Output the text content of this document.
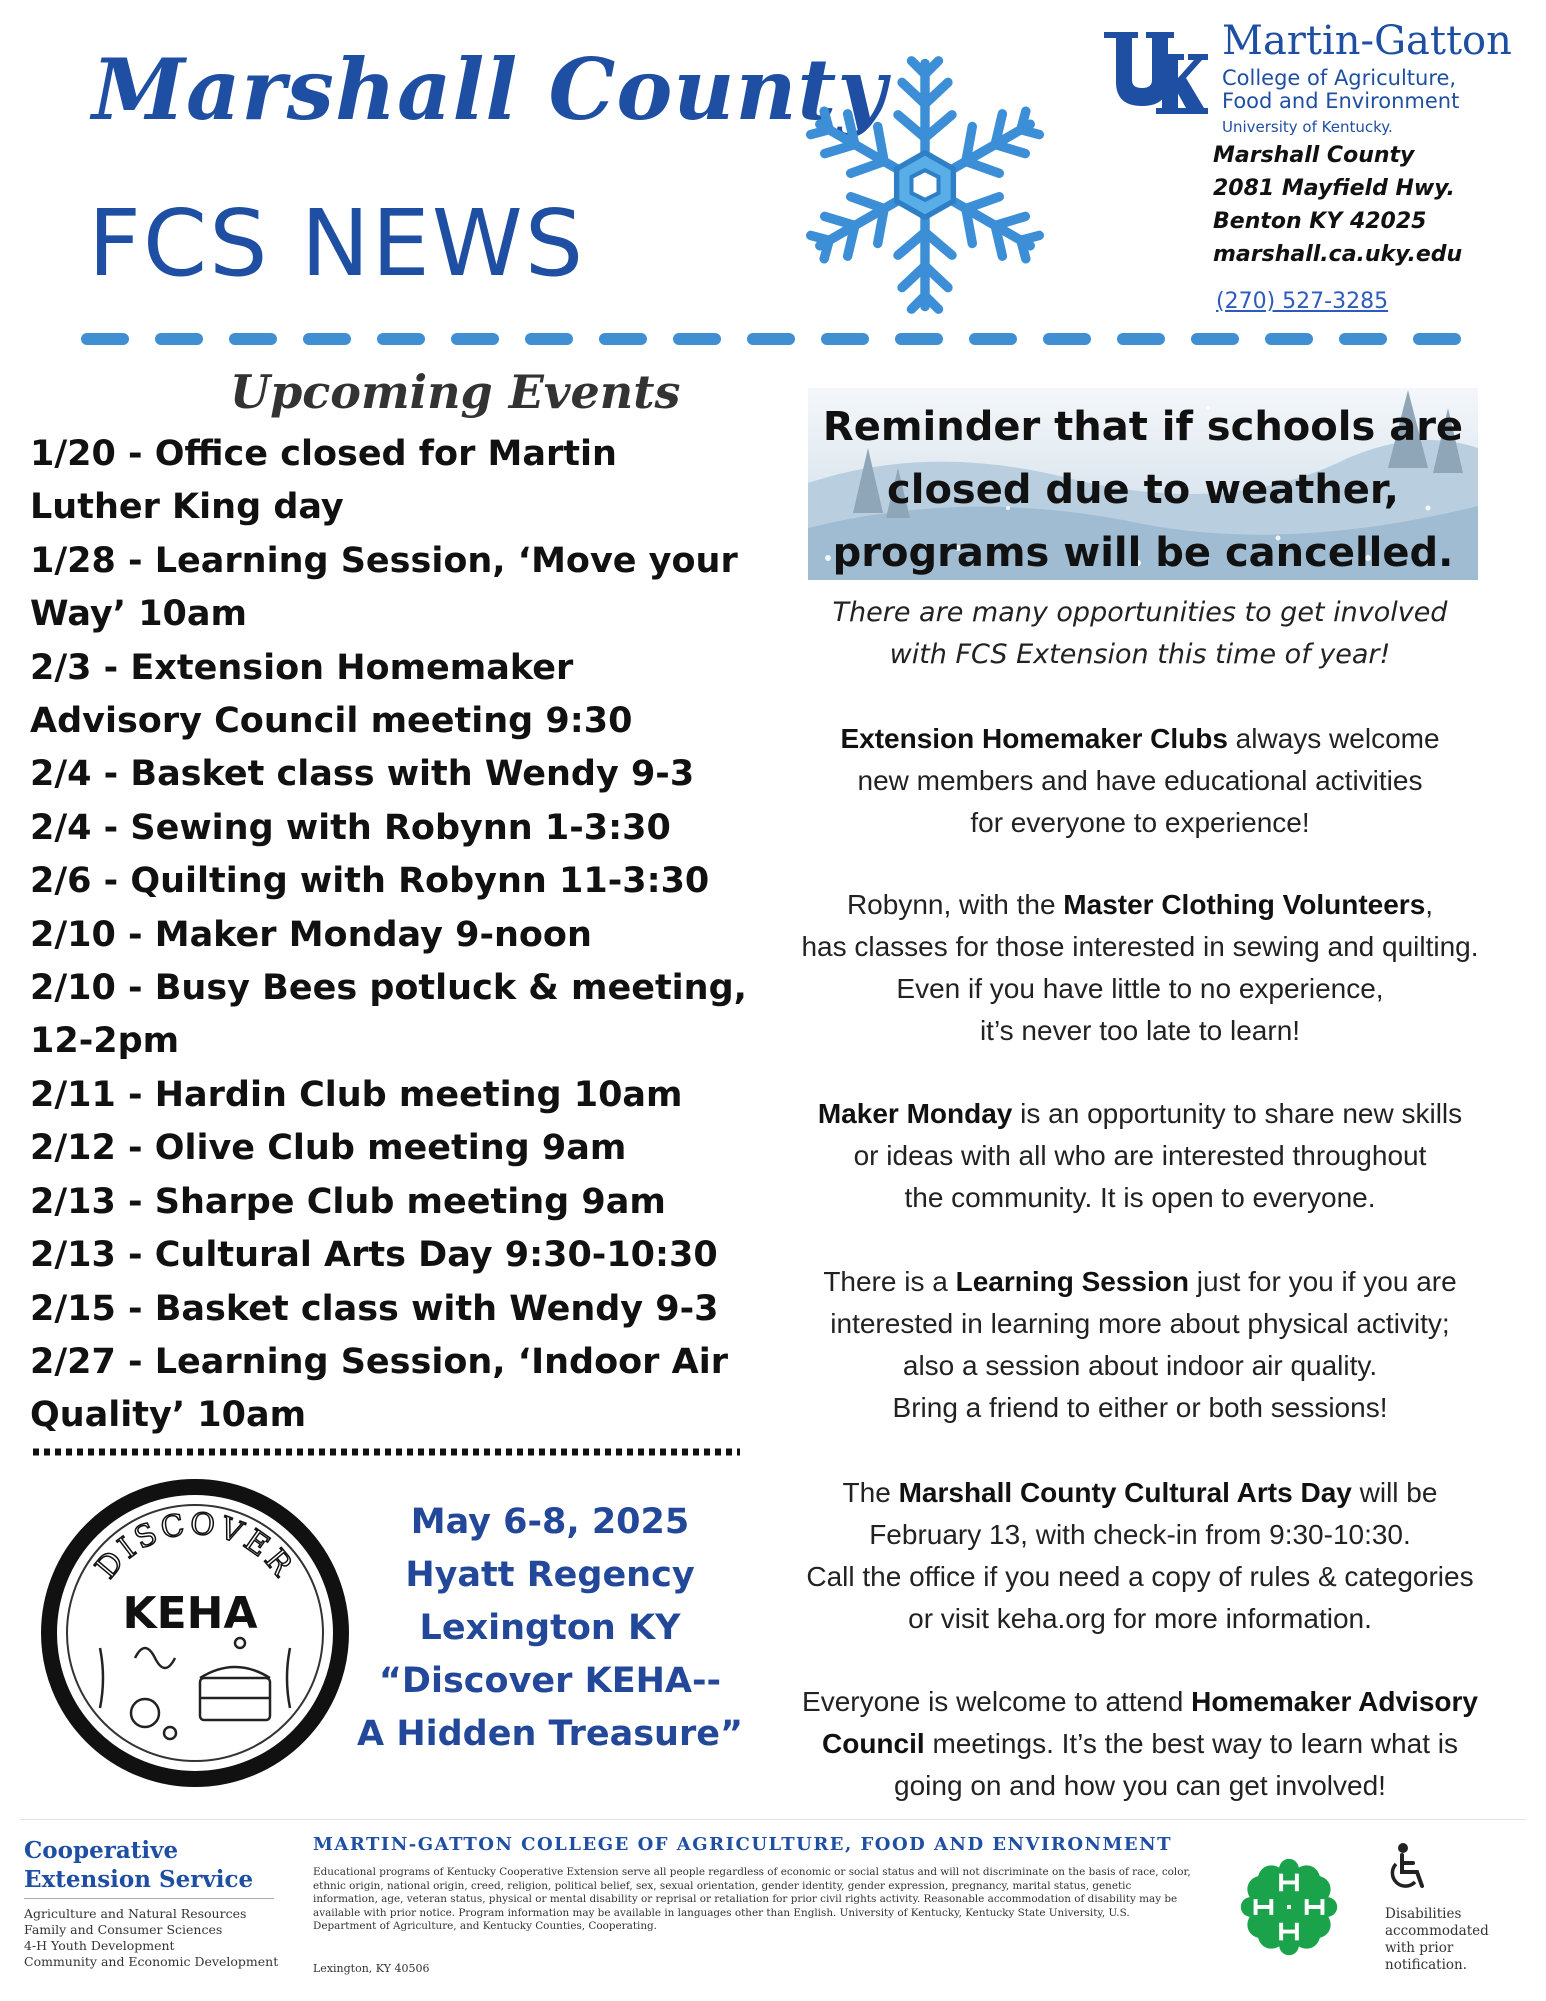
Marshall County
FCS NEWS
Martin-Gatton
College of Agriculture,
Food and Environment
University of Kentucky.
Marshall County
2081 Mayfield Hwy.
Benton KY 42025
marshall.ca.uky.edu
(270) 527-3285
Upcoming Events
1/20 - Office closed for Martin Luther King day
1/28 - Learning Session, ‘Move your Way’ 10am
2/3 - Extension Homemaker Advisory Council meeting 9:30
2/4 - Basket class with Wendy 9-3
2/4 - Sewing with Robynn 1-3:30
2/6 - Quilting with Robynn 11-3:30
2/10 - Maker Monday 9-noon
2/10 - Busy Bees potluck & meeting, 12-2pm
2/11 - Hardin Club meeting 10am
2/12 - Olive Club meeting 9am
2/13 - Sharpe Club meeting 9am
2/13 - Cultural Arts Day 9:30-10:30
2/15 - Basket class with Wendy 9-3
2/27 - Learning Session, ‘Indoor Air Quality’ 10am
DISCOVER
KEHA
May 6-8, 2025
Hyatt Regency
Lexington KY
“Discover KEHA--
A Hidden Treasure”
Reminder that if schools are
closed due to weather,
programs will be cancelled.
There are many opportunities to get involved
with FCS Extension this time of year!
Extension Homemaker Clubs always welcome
new members and have educational activities
for everyone to experience!
Robynn, with the Master Clothing Volunteers,
has classes for those interested in sewing and quilting.
Even if you have little to no experience,
it’s never too late to learn!
Maker Monday is an opportunity to share new skills
or ideas with all who are interested throughout
the community. It is open to everyone.
There is a Learning Session just for you if you are
interested in learning more about physical activity;
also a session about indoor air quality.
Bring a friend to either or both sessions!
The Marshall County Cultural Arts Day will be
February 13, with check-in from 9:30-10:30.
Call the office if you need a copy of rules & categories
or visit keha.org for more information.
Everyone is welcome to attend Homemaker Advisory
Council meetings. It’s the best way to learn what is
going on and how you can get involved!
Cooperative
Extension Service
Agriculture and Natural Resources
Family and Consumer Sciences
4-H Youth Development
Community and Economic Development
MARTIN-GATTON COLLEGE OF AGRICULTURE, FOOD AND ENVIRONMENT
Educational programs of Kentucky Cooperative Extension serve all people regardless of economic or social status and will not discriminate on the basis of race, color, ethnic origin, national origin, creed, religion, political belief, sex, sexual orientation, gender identity, gender expression, pregnancy, marital status, genetic information, age, veteran status, physical or mental disability or reprisal or retaliation for prior civil rights activity. Reasonable accommodation of disability may be available with prior notice. Program information may be available in languages other than English. University of Kentucky, Kentucky State University, U.S. Department of Agriculture, and Kentucky Counties, Cooperating.
Lexington, KY 40506
Disabilities
accommodated
with prior notification.
